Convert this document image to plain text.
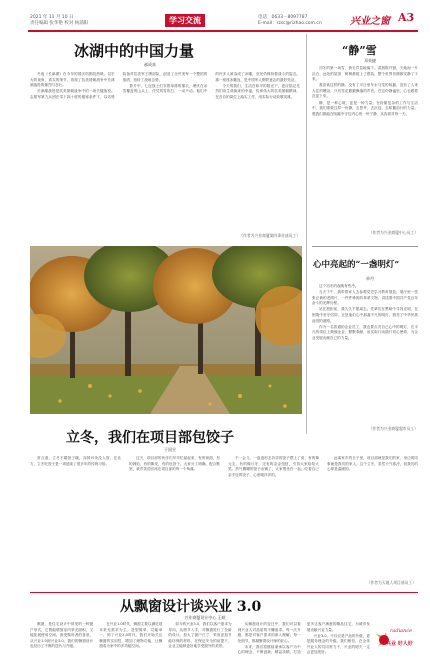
2021 年 11 月 10 日
责任编辑 张华艳 校对 杨浦阳	学习交流	电话：0633－8097787
E-mail：rzsc@rizhao.com.cn	兴业之窗 A3
冰湖中的中国力量
郝成真

冬夜《长津湖》在今年的国庆档影院热映，以宏大的视角、真实的细节，再现了抗美援朝战争中长津湖战役的惨烈与悲壮。

长津湖战役是抗美援朝战争中的一场关键战役。志愿军第九兵团在零下四十度的极寒条件下，以劣势装备对抗美军王牌部队，创造了全歼美军一个整团的战绩，扭转了战场态势。

影片中，七连战士们穿着单薄的棉衣，埋伏在冰雪覆盖的山头上，任凭风雪吹打，一动不动。他们中的许多人被冻成了冰雕，至死仍保持着战斗的姿态。那一座座冰雕连，是中国军人钢铁意志的最好见证。

今天的我们，生活在和平的阳光下，更应铭记先烈们用生命换来的幸福，传承伟大的抗美援朝精神，在各自的岗位上踏实工作，用实际行动致敬英雄。

（作者为兴业商厦第四事业部员工）
“静”雪
邓英捷

初冬的第一场雪，悄无声息地落下。清晨推开窗，天地间一片洁白，远处的屋顶、树梢都披上了银装，整个世界仿佛都安静了下来。

我喜欢这样的静。没有了平日里车水马龙的喧嚣，没有了人来人往的嘈杂，只有雪花簌簌飘落的声音。在这份静谧里，心也跟着沉淀下来。

静，是一种心境，更是一种力量。在纷繁复杂的工作与生活中，我们需要这样一份静，去思考、去沉淀、去积蓄前行的力量。愿我们都能在喧嚣中守住内心的一份宁静，从容面对每一天。

（作者为兴业商厦中心员工）
心中亮起的“一盏明灯”
单丹

这个初冬的夜晚有些冷。

当天下午，我带着家人去参观党史学习教育展览，展厅里一张张泛黄的老照片、一件件珍贵的革命文物，讲述着中国共产党百年奋斗的光辉历程。

站在展柜前，我久久不愿离去。先辈们在黑暗中寻找光明，在困境中坚守信仰，正是他们心中那盏不灭的明灯，照亮了中华民族前进的道路。

作为一名普通的企业员工，我也要点亮自己心中的明灯，在平凡的岗位上兢兢业业、默默奉献，用实际行动践行初心使命，为企业发展贡献自己的力量。

（作者为兴业商厦超市员工）
立冬，我们在项目部包饺子
于国昱

常言道，立冬不端饺子碗，冻掉耳朵没人管。在北方，立冬吃饺子是一项延续了很多年的传统习俗。

这天，项目部的伙伴们早早忙碌起来，有的和面，有的剁馅，有的擀皮，有的包饺子，大家分工明确，配合默契，欢声笑语回荡在项目部的每一个角落。

不一会儿，一盘盘形态各异的饺子摆上了桌，有的像元宝，有的像月牙，还有的歪歪扭扭，引得大家哈哈大笑。热气腾腾的饺子出锅了，大家围坐在一起，吃着自己亲手包的饺子，心里暖洋洋的。

远离家乡的日子里，项目部就是我们的家，身边的同事就是我们的家人。这个立冬，虽然天气寒冷，但我们的心却是温暖的。

（作者为天地人项目部员工）
从飘窗设计谈兴业 3.0
兴业商厦设计中心 王暄

飘窗，是住宅设计中常见的一种窗户形式，它既能增加室内采光面积，又能拓展使用空间，深受购房者的喜爱。从兴业1.0到兴业3.0，我们的飘窗设计也经历了不断的迭代与升级。

在兴业1.0时代，飘窗主要以满足基本采光需求为主，造型简单，功能单一。到了兴业2.0时代，我们开始关注飘窗的实用性，增加了储物功能，让飘窗成为家中的多功能空间。

如今的兴业3.0，我们以客户需求为导向，从细节入手，对飘窗进行了全新的设计。加大了窗户尺寸，采用更加节能环保的材料，在保证安全的前提下，让业主能够更好地享受窗外的美景。

从飘窗设计的变迁中，我们可以看到兴业人对品质的不懈追求。每一次升级，都是对客户需求的深入理解；每一处细节，都凝聚着设计师的匠心。

未来，我们将继续秉承以客户为中心的理念，不断创新，精益求精，打造更多让客户满意的精品住宅，为城市发展贡献兴业力量。

兴业3.0，不仅仅是产品的升级，更是服务理念的升级。我们相信，在全体兴业人的共同努力下，兴业的明天一定会更加美好。

radiance
兴业 好人好
